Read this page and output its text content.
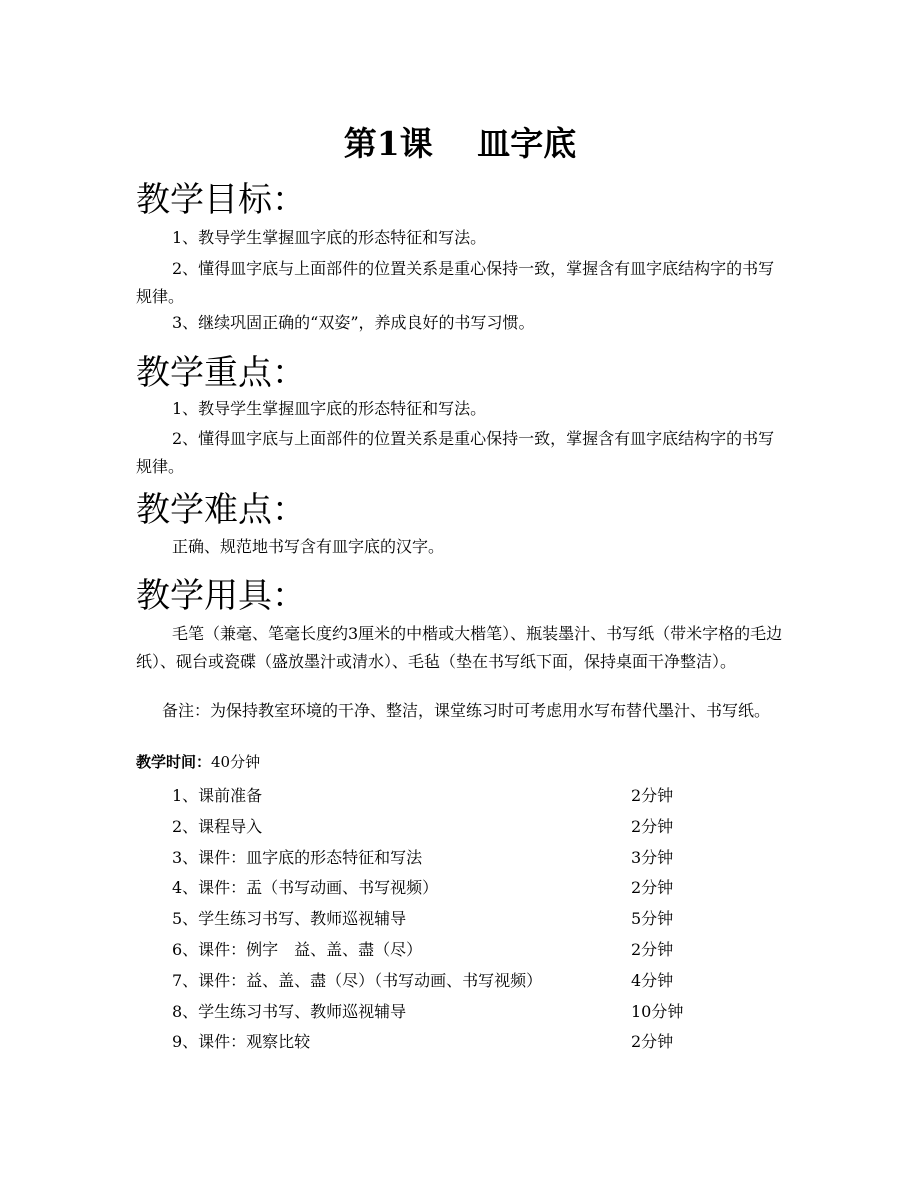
第1课　 皿字底
教学目标：
1、教导学生掌握皿字底的形态特征和写法。
2、懂得皿字底与上面部件的位置关系是重心保持一致，掌握含有皿字底结构字的书写规律。
3、继续巩固正确的“双姿”，养成良好的书写习惯。
教学重点：
1、教导学生掌握皿字底的形态特征和写法。
2、懂得皿字底与上面部件的位置关系是重心保持一致，掌握含有皿字底结构字的书写规律。
教学难点：
正确、规范地书写含有皿字底的汉字。
教学用具：
毛笔（兼毫、笔毫长度约3厘米的中楷或大楷笔）、瓶装墨汁、书写纸（带米字格的毛边纸）、砚台或瓷碟（盛放墨汁或清水）、毛毡（垫在书写纸下面，保持桌面干净整洁）。
备注：为保持教室环境的干净、整洁，课堂练习时可考虑用水写布替代墨汁、书写纸。
教学时间：40分钟
1、课前准备	2分钟
2、课程导入	2分钟
3、课件：皿字底的形态特征和写法	3分钟
4、课件：盂（书写动画、书写视频）	2分钟
5、学生练习书写、教师巡视辅导	5分钟
6、课件：例字　益、盖、盡（尽）	2分钟
7、课件：益、盖、盡（尽）（书写动画、书写视频）	4分钟
8、学生练习书写、教师巡视辅导	10分钟
9、课件：观察比较	2分钟
